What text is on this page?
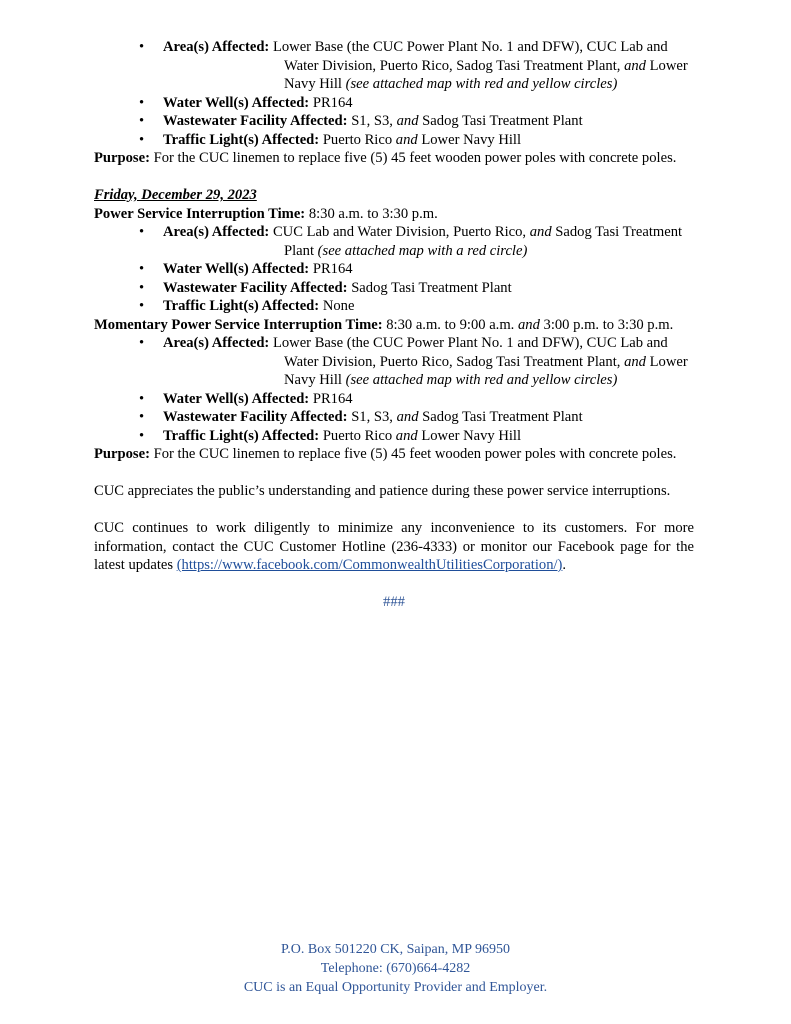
• Area(s) Affected: Lower Base (the CUC Power Plant No. 1 and DFW), CUC Lab and Water Division, Puerto Rico, Sadog Tasi Treatment Plant, and Lower Navy Hill (see attached map with red and yellow circles)
• Water Well(s) Affected: PR164
• Wastewater Facility Affected: S1, S3, and Sadog Tasi Treatment Plant
• Traffic Light(s) Affected: Puerto Rico and Lower Navy Hill
Purpose: For the CUC linemen to replace five (5) 45 feet wooden power poles with concrete poles.
Friday, December 29, 2023
Power Service Interruption Time: 8:30 a.m. to 3:30 p.m.
• Area(s) Affected: CUC Lab and Water Division, Puerto Rico, and Sadog Tasi Treatment Plant (see attached map with a red circle)
• Water Well(s) Affected: PR164
• Wastewater Facility Affected: Sadog Tasi Treatment Plant
• Traffic Light(s) Affected: None
Momentary Power Service Interruption Time: 8:30 a.m. to 9:00 a.m. and 3:00 p.m. to 3:30 p.m.
• Area(s) Affected: Lower Base (the CUC Power Plant No. 1 and DFW), CUC Lab and Water Division, Puerto Rico, Sadog Tasi Treatment Plant, and Lower Navy Hill (see attached map with red and yellow circles)
• Water Well(s) Affected: PR164
• Wastewater Facility Affected: S1, S3, and Sadog Tasi Treatment Plant
• Traffic Light(s) Affected: Puerto Rico and Lower Navy Hill
Purpose: For the CUC linemen to replace five (5) 45 feet wooden power poles with concrete poles.

CUC appreciates the public’s understanding and patience during these power service interruptions.

CUC continues to work diligently to minimize any inconvenience to its customers. For more information, contact the CUC Customer Hotline (236-4333) or monitor our Facebook page for the latest updates (https://www.facebook.com/CommonwealthUtilitiesCorporation/).

###
P.O. Box 501220 CK, Saipan, MP 96950
Telephone: (670)664-4282
CUC is an Equal Opportunity Provider and Employer.
